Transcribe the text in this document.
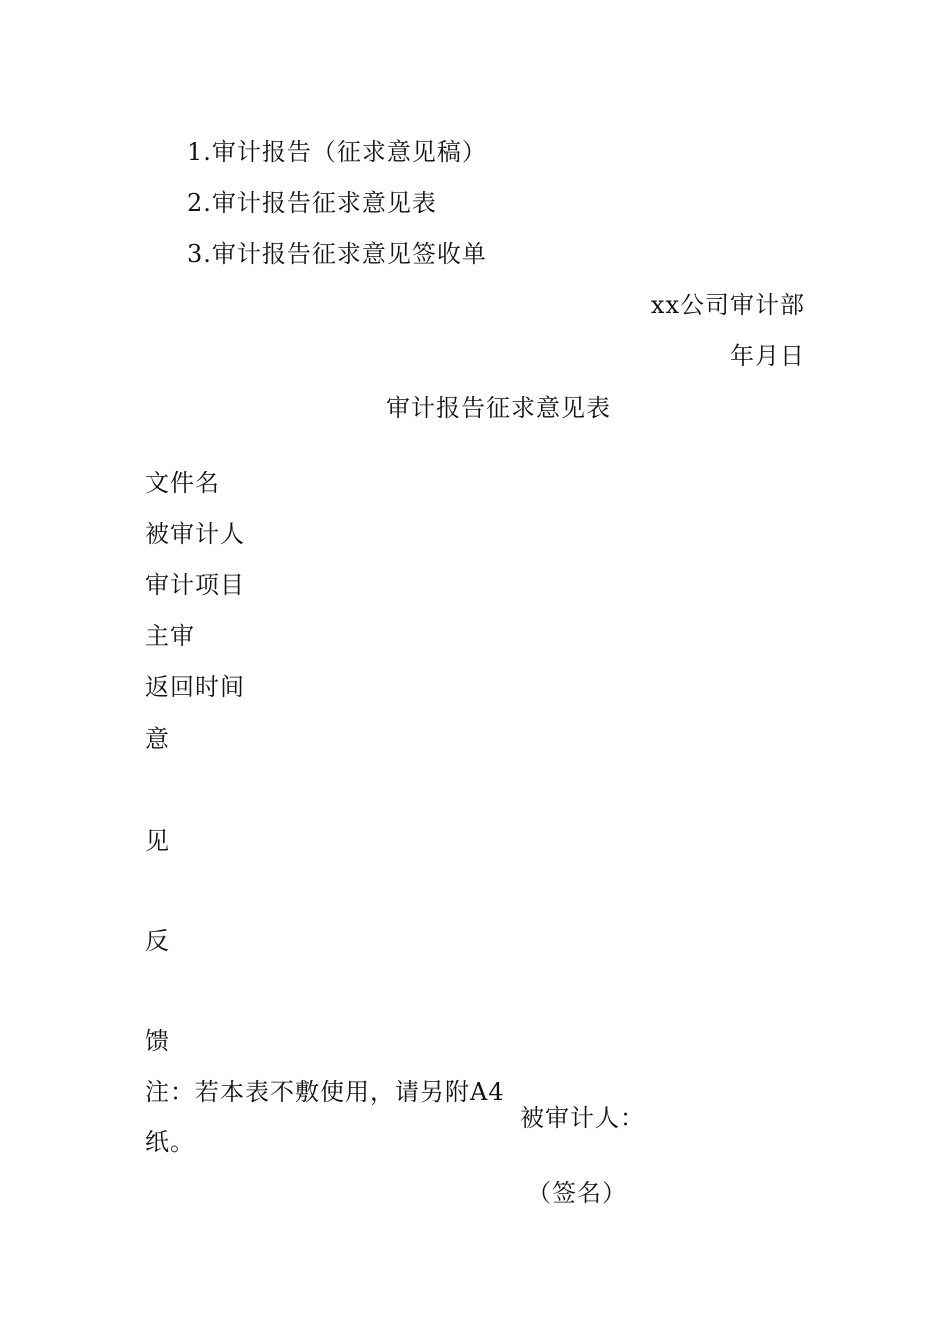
1.审计报告（征求意见稿）
2.审计报告征求意见表
3.审计报告征求意见签收单
xx公司审计部
年月日
审计报告征求意见表
文件名
被审计人
审计项目
主审
返回时间
意
见
反
馈
注：若本表不敷使用，请另附A4
纸。
被审计人：
（签名）
